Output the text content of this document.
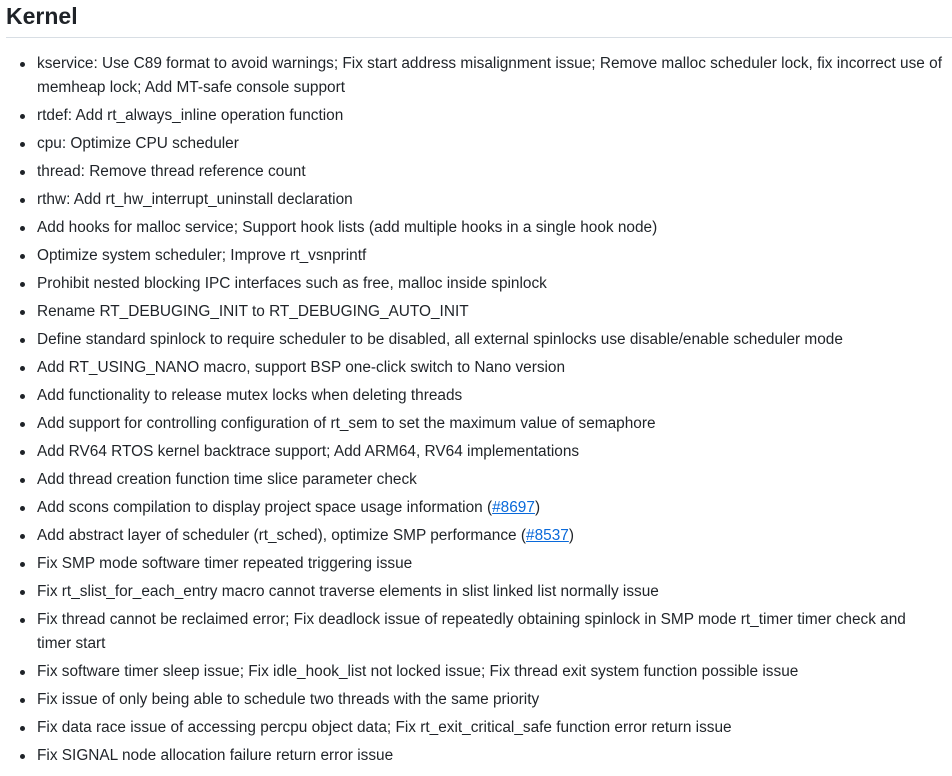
Kernel
kservice: Use C89 format to avoid warnings; Fix start address misalignment issue; Remove malloc scheduler lock, fix incorrect use of
memheap lock; Add MT-safe console support
rtdef: Add rt_always_inline operation function
cpu: Optimize CPU scheduler
thread: Remove thread reference count
rthw: Add rt_hw_interrupt_uninstall declaration
Add hooks for malloc service; Support hook lists (add multiple hooks in a single hook node)
Optimize system scheduler; Improve rt_vsnprintf
Prohibit nested blocking IPC interfaces such as free, malloc inside spinlock
Rename RT_DEBUGING_INIT to RT_DEBUGING_AUTO_INIT
Define standard spinlock to require scheduler to be disabled, all external spinlocks use disable/enable scheduler mode
Add RT_USING_NANO macro, support BSP one-click switch to Nano version
Add functionality to release mutex locks when deleting threads
Add support for controlling configuration of rt_sem to set the maximum value of semaphore
Add RV64 RTOS kernel backtrace support; Add ARM64, RV64 implementations
Add thread creation function time slice parameter check
Add scons compilation to display project space usage information (#8697)
Add abstract layer of scheduler (rt_sched), optimize SMP performance (#8537)
Fix SMP mode software timer repeated triggering issue
Fix rt_slist_for_each_entry macro cannot traverse elements in slist linked list normally issue
Fix thread cannot be reclaimed error; Fix deadlock issue of repeatedly obtaining spinlock in SMP mode rt_timer timer check and
timer start
Fix software timer sleep issue; Fix idle_hook_list not locked issue; Fix thread exit system function possible issue
Fix issue of only being able to schedule two threads with the same priority
Fix data race issue of accessing percpu object data; Fix rt_exit_critical_safe function error return issue
Fix SIGNAL node allocation failure return error issue
